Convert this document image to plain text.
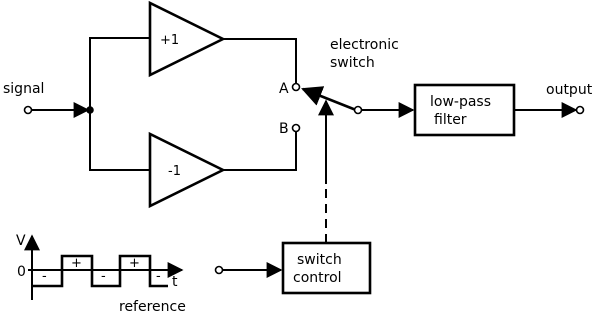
signal
+1
-1
A
B
electronic
switch
low-pass
filter
output
switch
control
V
0
t
-
+
-
+
-
reference
